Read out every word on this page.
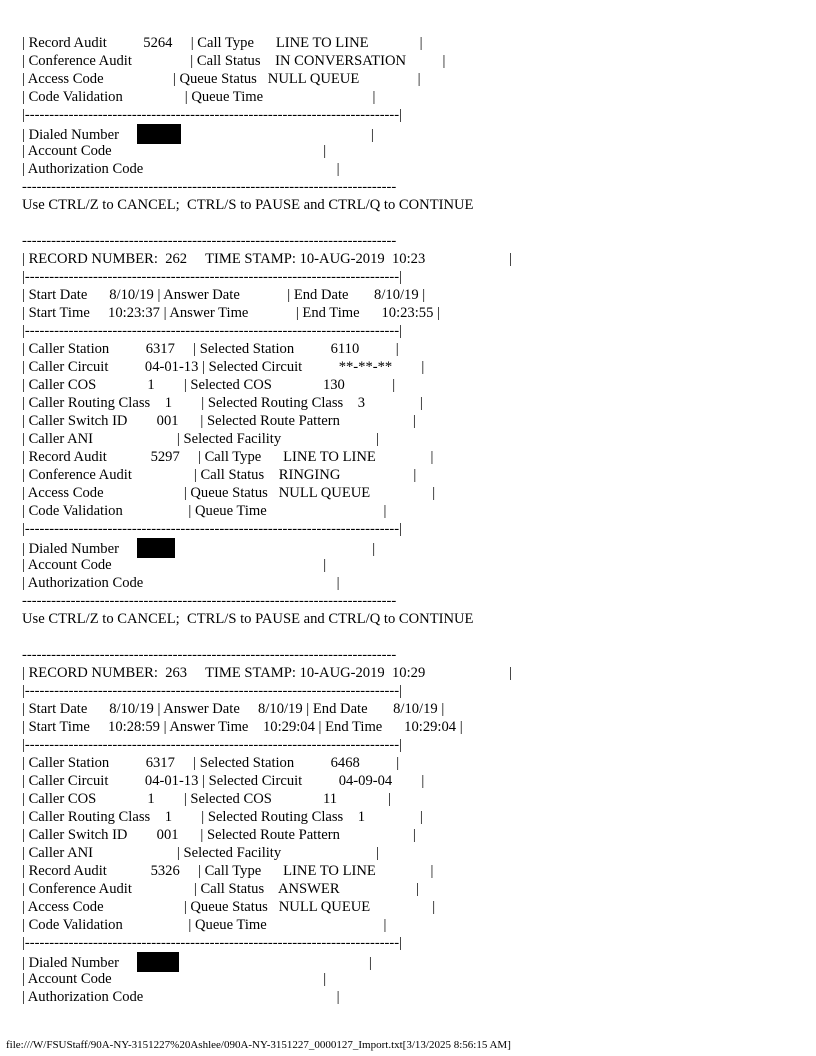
| Record Audit          5264     | Call Type      LINE TO LINE              |
| Conference Audit                | Call Status    IN CONVERSATION          |
| Access Code                   | Queue Status   NULL QUEUE                |
| Code Validation                 | Queue Time                              |
|-----------------------------------------------------------------------------|
| Dialed Number	|
| Account Code                                                          |
| Authorization Code                                                     |
-----------------------------------------------------------------------------
Use CTRL/Z to CANCEL;  CTRL/S to PAUSE and CTRL/Q to CONTINUE
-----------------------------------------------------------------------------
| RECORD NUMBER:  262     TIME STAMP: 10-AUG-2019  10:23                       |
|-----------------------------------------------------------------------------|
| Start Date      8/10/19 | Answer Date             | End Date       8/10/19 |
| Start Time     10:23:37 | Answer Time             | End Time      10:23:55 |
|-----------------------------------------------------------------------------|
| Caller Station          6317     | Selected Station          6110          |
| Caller Circuit          04-01-13 | Selected Circuit          **-**-**        |
| Caller COS              1        | Selected COS              130             |
| Caller Routing Class    1        | Selected Routing Class    3               |
| Caller Switch ID        001      | Selected Route Pattern                    |
| Caller ANI                       | Selected Facility                          |
| Record Audit            5297     | Call Type      LINE TO LINE               |
| Conference Audit                 | Call Status    RINGING                    |
| Access Code                      | Queue Status   NULL QUEUE                 |
| Code Validation                  | Queue Time                                |
|-----------------------------------------------------------------------------|
| Dialed Number	|
| Account Code                                                          |
| Authorization Code                                                     |
-----------------------------------------------------------------------------
Use CTRL/Z to CANCEL;  CTRL/S to PAUSE and CTRL/Q to CONTINUE
-----------------------------------------------------------------------------
| RECORD NUMBER:  263     TIME STAMP: 10-AUG-2019  10:29                       |
|-----------------------------------------------------------------------------|
| Start Date      8/10/19 | Answer Date     8/10/19 | End Date       8/10/19 |
| Start Time     10:28:59 | Answer Time    10:29:04 | End Time      10:29:04 |
|-----------------------------------------------------------------------------|
| Caller Station          6317     | Selected Station          6468          |
| Caller Circuit          04-01-13 | Selected Circuit          04-09-04        |
| Caller COS              1        | Selected COS              11              |
| Caller Routing Class    1        | Selected Routing Class    1               |
| Caller Switch ID        001      | Selected Route Pattern                    |
| Caller ANI                       | Selected Facility                          |
| Record Audit            5326     | Call Type      LINE TO LINE               |
| Conference Audit                 | Call Status    ANSWER                     |
| Access Code                      | Queue Status   NULL QUEUE                 |
| Code Validation                  | Queue Time                                |
|-----------------------------------------------------------------------------|
| Dialed Number	|
| Account Code                                                          |
| Authorization Code                                                     |
file:///W/FSUStaff/90A-NY-3151227%20Ashlee/090A-NY-3151227_0000127_Import.txt[3/13/2025 8:56:15 AM]
